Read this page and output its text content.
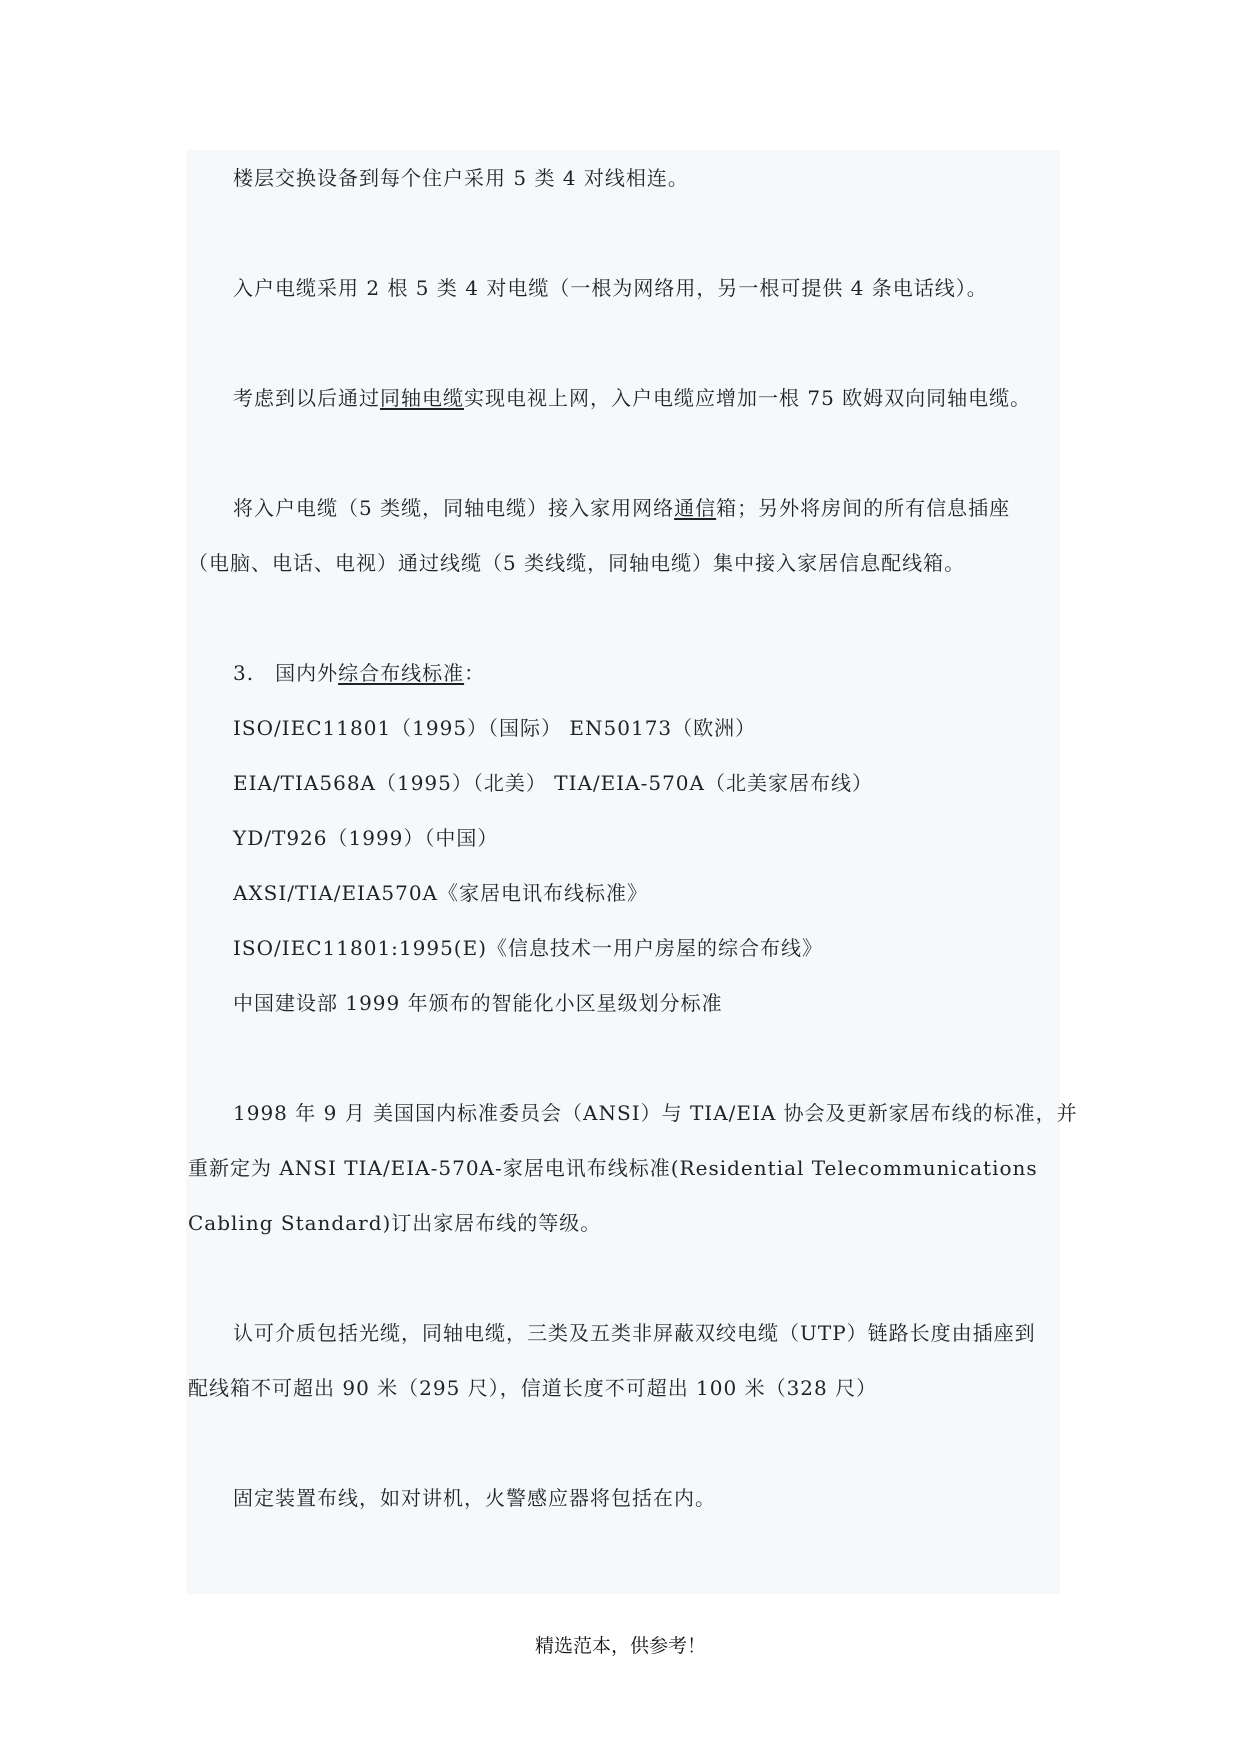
楼层交换设备到每个住户采用 5 类 4 对线相连。
入户电缆采用 2 根 5 类 4 对电缆（一根为网络用，另一根可提供 4 条电话线）。
考虑到以后通过同轴电缆实现电视上网，入户电缆应增加一根 75 欧姆双向同轴电缆。
将入户电缆（5 类缆，同轴电缆）接入家用网络通信箱；另外将房间的所有信息插座
（电脑、电话、电视）通过线缆（5 类线缆，同轴电缆）集中接入家居信息配线箱。
3.　国内外综合布线标准：
ISO/IEC11801（1995）（国际） EN50173（欧洲）
EIA/TIA568A（1995）（北美） TIA/EIA-570A（北美家居布线）
YD/T926（1999）（中国）
AXSI/TIA/EIA570A《家居电讯布线标准》
ISO/IEC11801:1995(E)《信息技术一用户房屋的综合布线》
中国建设部 1999 年颁布的智能化小区星级划分标准
1998 年 9 月 美国国内标准委员会（ANSI）与 TIA/EIA 协会及更新家居布线的标准，并
重新定为 ANSI TIA/EIA-570A-家居电讯布线标准(Residential Telecommunications
Cabling Standard)订出家居布线的等级。
认可介质包括光缆，同轴电缆，三类及五类非屏蔽双绞电缆（UTP）链路长度由插座到
配线箱不可超出 90 米（295 尺），信道长度不可超出 100 米（328 尺）
固定装置布线，如对讲机，火警感应器将包括在内。
精选范本，供参考！
